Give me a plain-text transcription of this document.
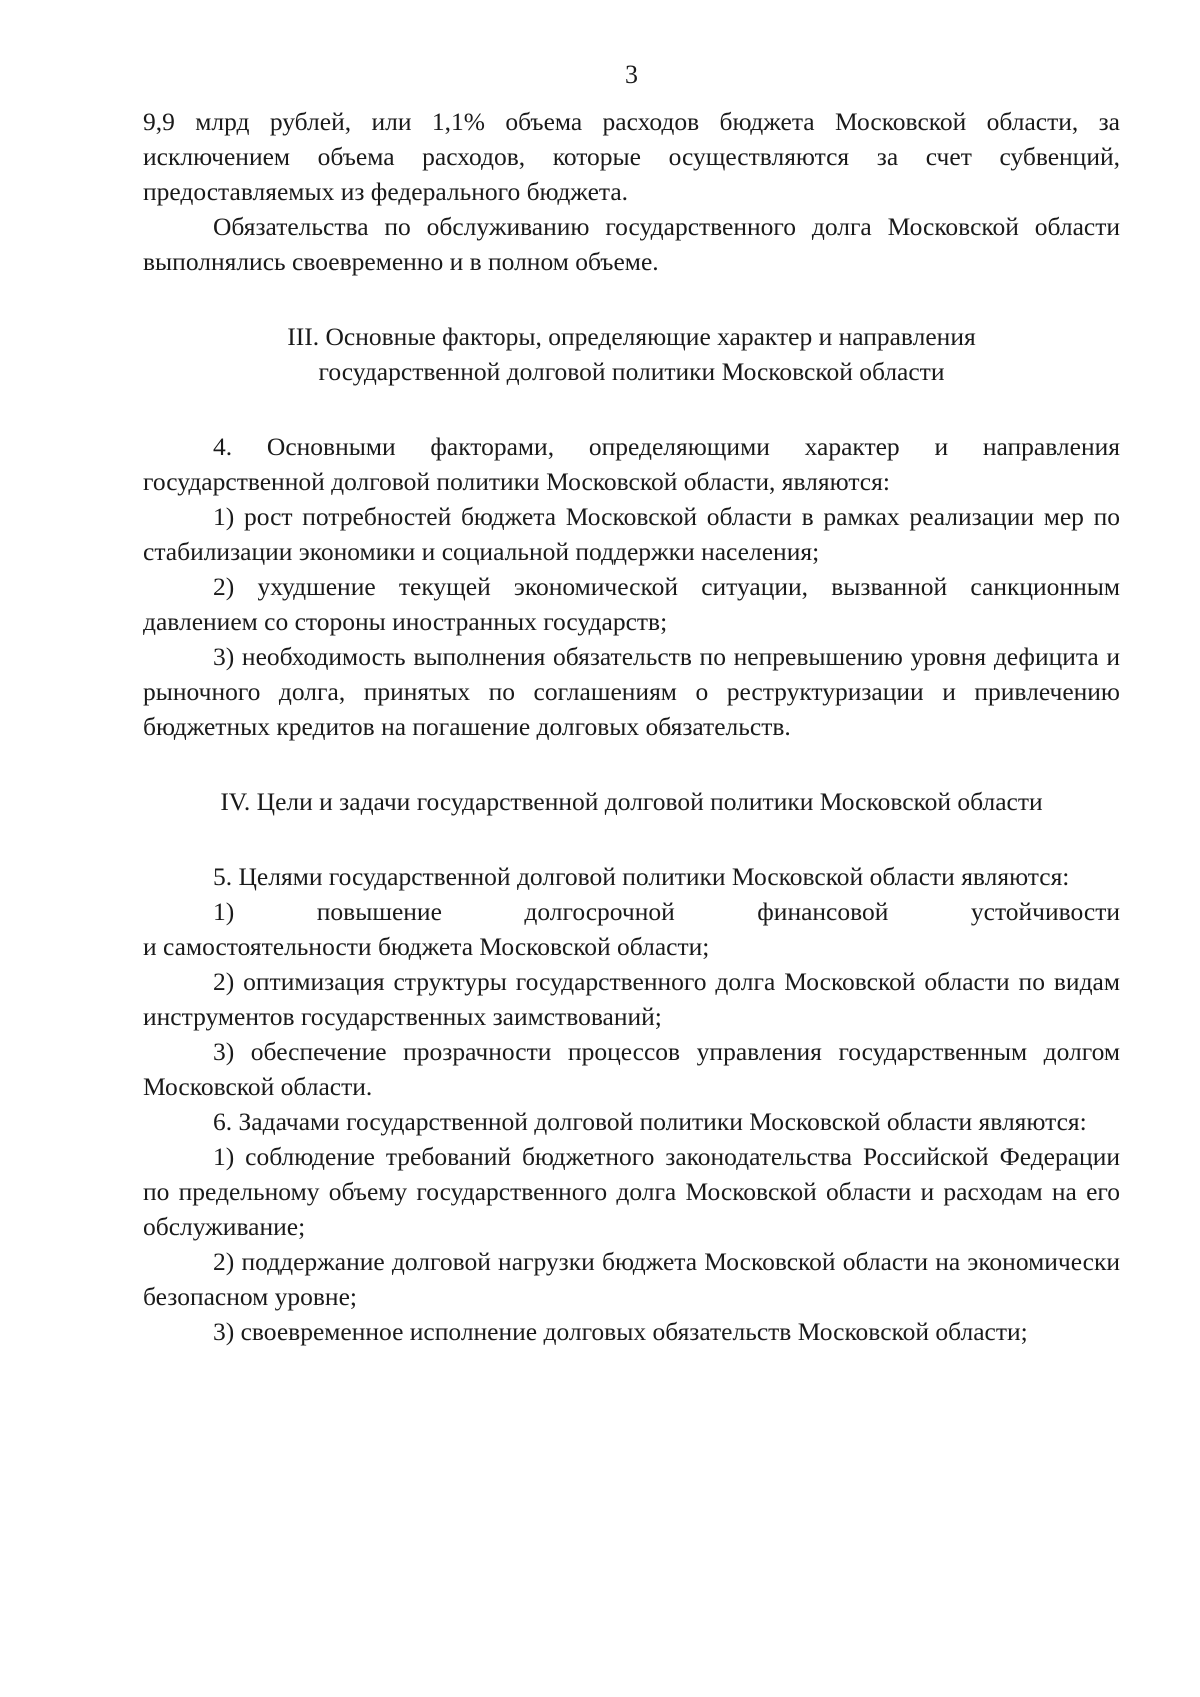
3

9,9 млрд рублей, или 1,1% объема расходов бюджета Московской области, за исключением объема расходов, которые осуществляются за счет субвенций, предоставляемых из федерального бюджета.

Обязательства по обслуживанию государственного долга Московской области выполнялись своевременно и в полном объеме.

III. Основные факторы, определяющие характер и направления
государственной долговой политики Московской области

4. Основными факторами, определяющими характер и направления государственной долговой политики Московской области, являются:

1) рост потребностей бюджета Московской области в рамках реализации мер по стабилизации экономики и социальной поддержки населения;

2) ухудшение текущей экономической ситуации, вызванной санкционным давлением со стороны иностранных государств;

3) необходимость выполнения обязательств по непревышению уровня дефицита и рыночного долга, принятых по соглашениям о реструктуризации и привлечению бюджетных кредитов на погашение долговых обязательств.

IV. Цели и задачи государственной долговой политики Московской области

5. Целями государственной долговой политики Московской области являются:

1) повышение долгосрочной финансовой устойчивости

и самостоятельности бюджета Московской области;

2) оптимизация структуры государственного долга Московской области по видам инструментов государственных заимствований;

3) обеспечение прозрачности процессов управления государственным долгом Московской области.

6. Задачами государственной долговой политики Московской области являются:

1) соблюдение требований бюджетного законодательства Российской Федерации по предельному объему государственного долга Московской области и расходам на его обслуживание;

2) поддержание долговой нагрузки бюджета Московской области на экономически безопасном уровне;

3) своевременное исполнение долговых обязательств Московской области;
